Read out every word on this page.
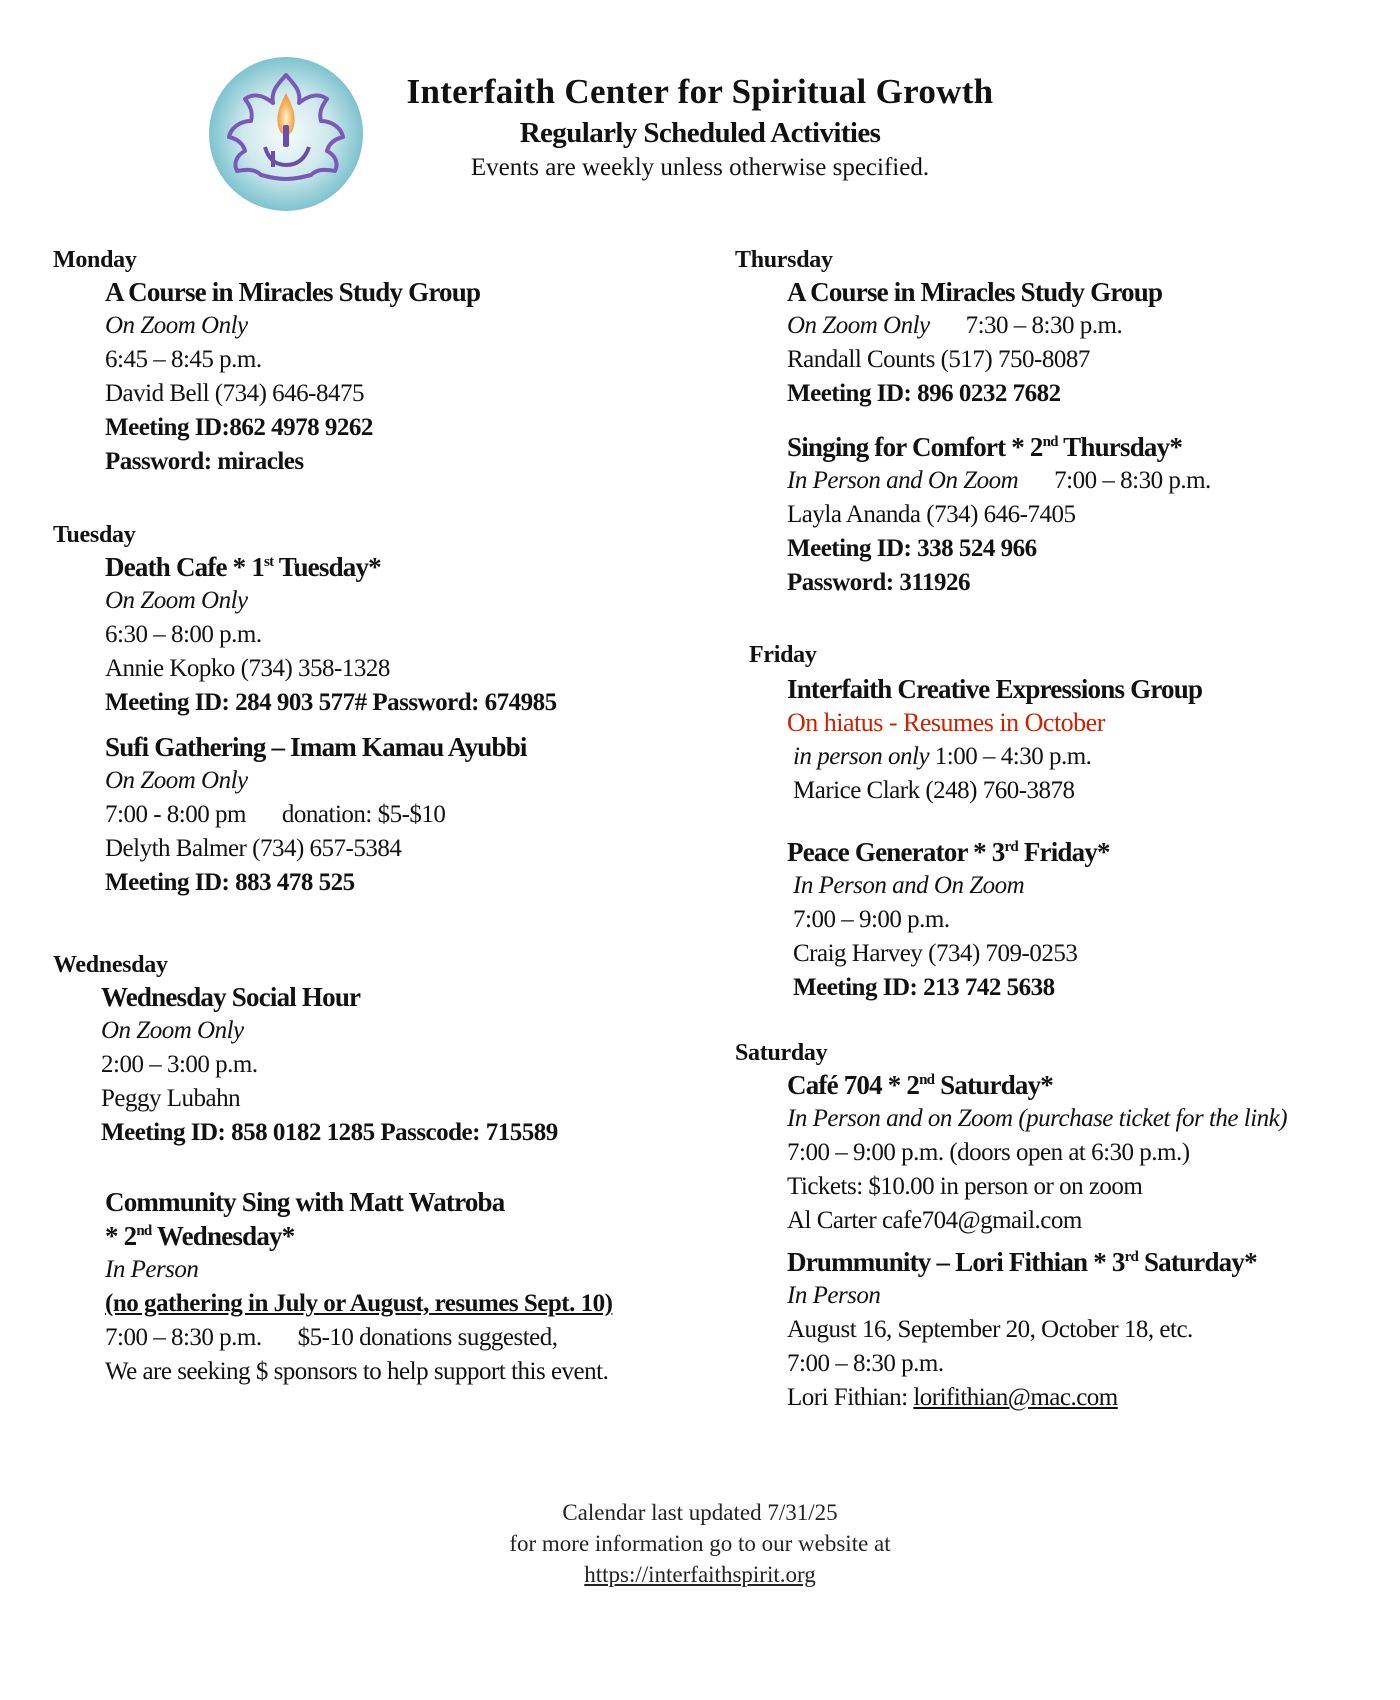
Interfaith Center for Spiritual Growth
Regularly Scheduled Activities
Events are weekly unless otherwise specified.
Monday
A Course in Miracles Study Group
On Zoom Only
6:45 – 8:45 p.m.
David Bell (734) 646-8475
Meeting ID:862 4978 9262
Password: miracles
Tuesday
Death Cafe * 1st Tuesday*
On Zoom Only
6:30 – 8:00 p.m.
Annie Kopko (734) 358-1328
Meeting ID: 284 903 577# Password: 674985
Sufi Gathering – Imam Kamau Ayubbi
On Zoom Only
7:00 - 8:00 pm donation: $5-$10
Delyth Balmer (734) 657-5384
Meeting ID: 883 478 525
Wednesday
Wednesday Social Hour
On Zoom Only
2:00 – 3:00 p.m.
Peggy Lubahn
Meeting ID: 858 0182 1285 Passcode: 715589
Community Sing with Matt Watroba
* 2nd Wednesday*
In Person
(no gathering in July or August, resumes Sept. 10)
7:00 – 8:30 p.m. $5-10 donations suggested,
We are seeking $ sponsors to help support this event.
Thursday
A Course in Miracles Study Group
On Zoom Only 7:30 – 8:30 p.m.
Randall Counts (517) 750-8087
Meeting ID: 896 0232 7682
Singing for Comfort * 2nd Thursday*
In Person and On Zoom 7:00 – 8:30 p.m.
Layla Ananda (734) 646-7405
Meeting ID: 338 524 966
Password: 311926
Friday
Interfaith Creative Expressions Group
On hiatus - Resumes in October
in person only 1:00 – 4:30 p.m.
Marice Clark (248) 760-3878
Peace Generator * 3rd Friday*
In Person and On Zoom
7:00 – 9:00 p.m.
Craig Harvey (734) 709-0253
Meeting ID: 213 742 5638
Saturday
Café 704 * 2nd Saturday*
In Person and on Zoom (purchase ticket for the link)
7:00 – 9:00 p.m. (doors open at 6:30 p.m.)
Tickets: $10.00 in person or on zoom
Al Carter cafe704@gmail.com
Drummunity – Lori Fithian * 3rd Saturday*
In Person
August 16, September 20, October 18, etc.
7:00 – 8:30 p.m.
Lori Fithian: lorifithian@mac.com
Calendar last updated 7/31/25
for more information go to our website at
https://interfaithspirit.org
